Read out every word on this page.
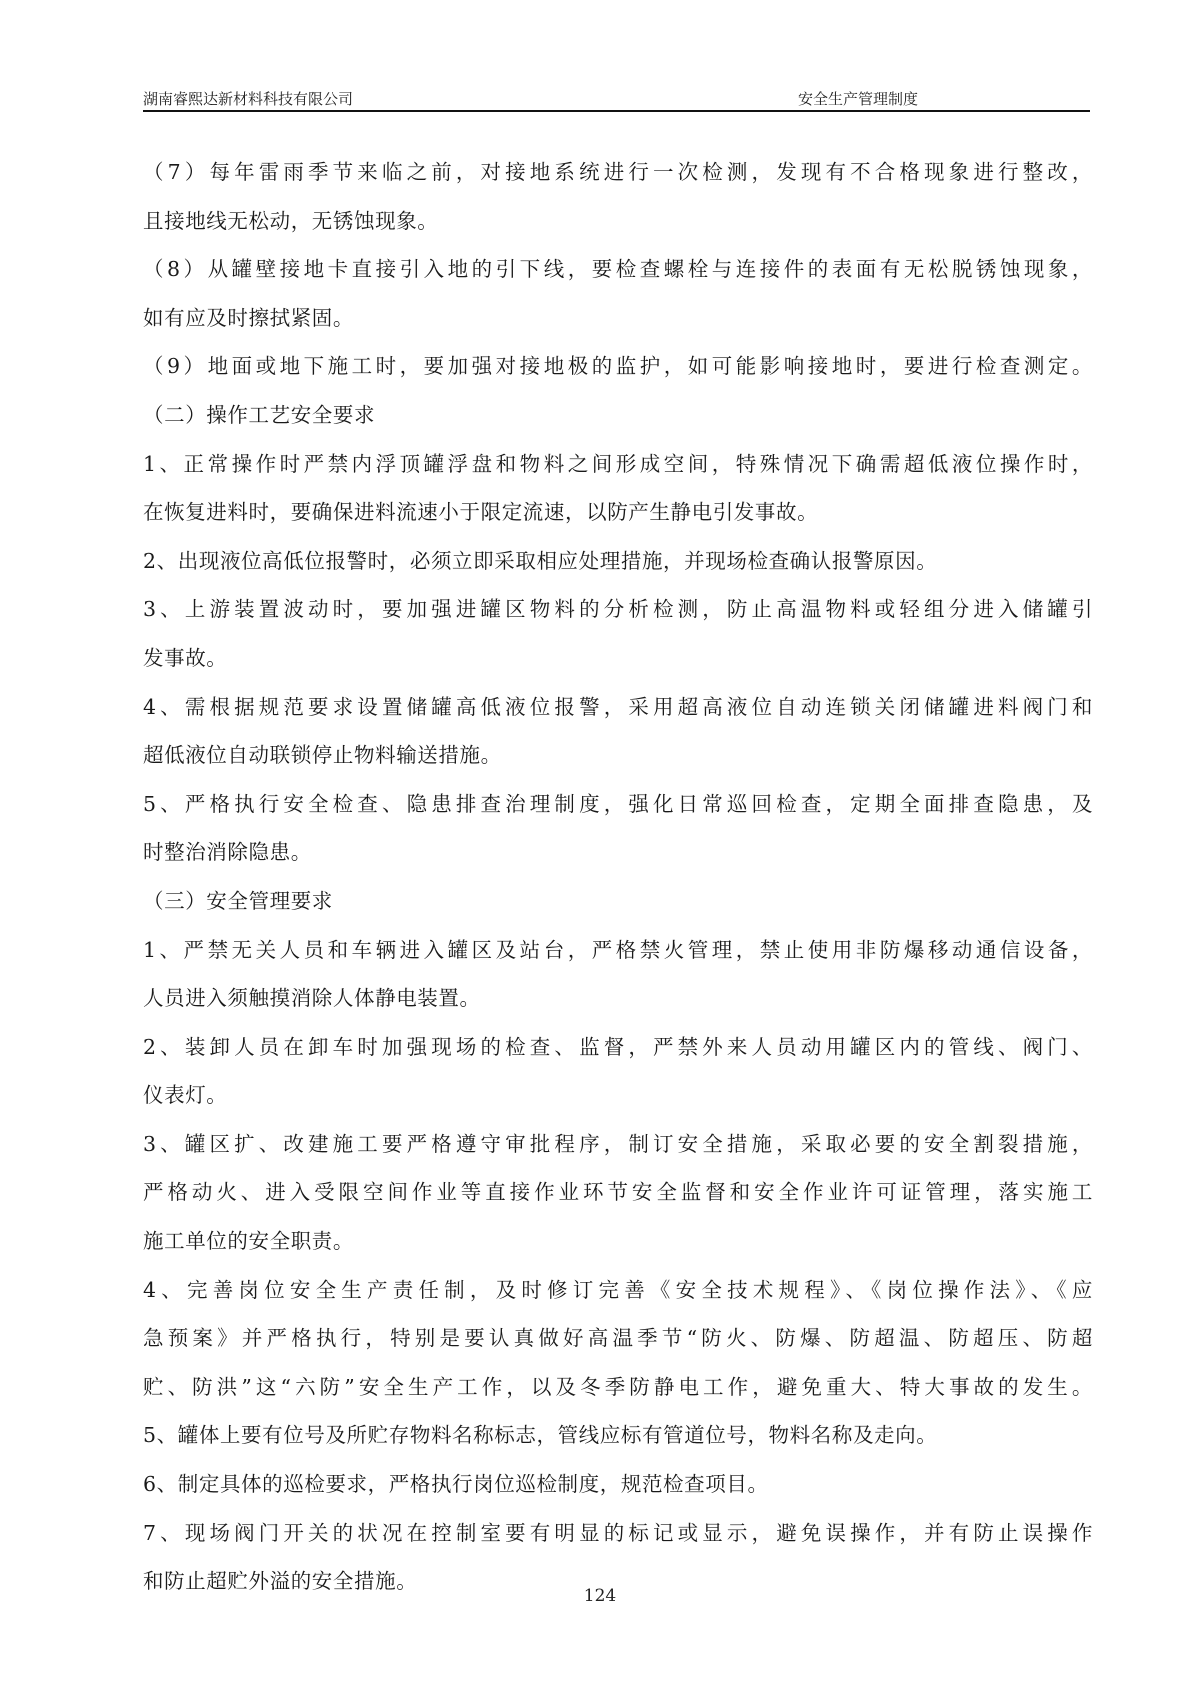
湖南睿熙达新材料科技有限公司	安全生产管理制度
（7）每年雷雨季节来临之前，对接地系统进行一次检测，发现有不合格现象进行整改，
且接地线无松动，无锈蚀现象。
（8）从罐壁接地卡直接引入地的引下线，要检查螺栓与连接件的表面有无松脱锈蚀现象，
如有应及时擦拭紧固。
（9）地面或地下施工时，要加强对接地极的监护，如可能影响接地时，要进行检查测定。
（二）操作工艺安全要求
1、正常操作时严禁内浮顶罐浮盘和物料之间形成空间，特殊情况下确需超低液位操作时，
在恢复进料时，要确保进料流速小于限定流速，以防产生静电引发事故。
2、出现液位高低位报警时，必须立即采取相应处理措施，并现场检查确认报警原因。
3、上游装置波动时，要加强进罐区物料的分析检测，防止高温物料或轻组分进入储罐引
发事故。
4、需根据规范要求设置储罐高低液位报警，采用超高液位自动连锁关闭储罐进料阀门和
超低液位自动联锁停止物料输送措施。
5、严格执行安全检查、隐患排查治理制度，强化日常巡回检查，定期全面排查隐患，及
时整治消除隐患。
（三）安全管理要求
1、严禁无关人员和车辆进入罐区及站台，严格禁火管理，禁止使用非防爆移动通信设备，
人员进入须触摸消除人体静电装置。
2、装卸人员在卸车时加强现场的检查、监督，严禁外来人员动用罐区内的管线、阀门、
仪表灯。
3、罐区扩、改建施工要严格遵守审批程序，制订安全措施，采取必要的安全割裂措施，
严格动火、进入受限空间作业等直接作业环节安全监督和安全作业许可证管理，落实施工
施工单位的安全职责。
4、完善岗位安全生产责任制，及时修订完善《安全技术规程》、《岗位操作法》、《应
急预案》并严格执行，特别是要认真做好高温季节“防火、防爆、防超温、防超压、防超
贮、防洪”这“六防”安全生产工作，以及冬季防静电工作，避免重大、特大事故的发生。
5、罐体上要有位号及所贮存物料名称标志，管线应标有管道位号，物料名称及走向。
6、制定具体的巡检要求，严格执行岗位巡检制度，规范检查项目。
7、现场阀门开关的状况在控制室要有明显的标记或显示，避免误操作，并有防止误操作
和防止超贮外溢的安全措施。
124
